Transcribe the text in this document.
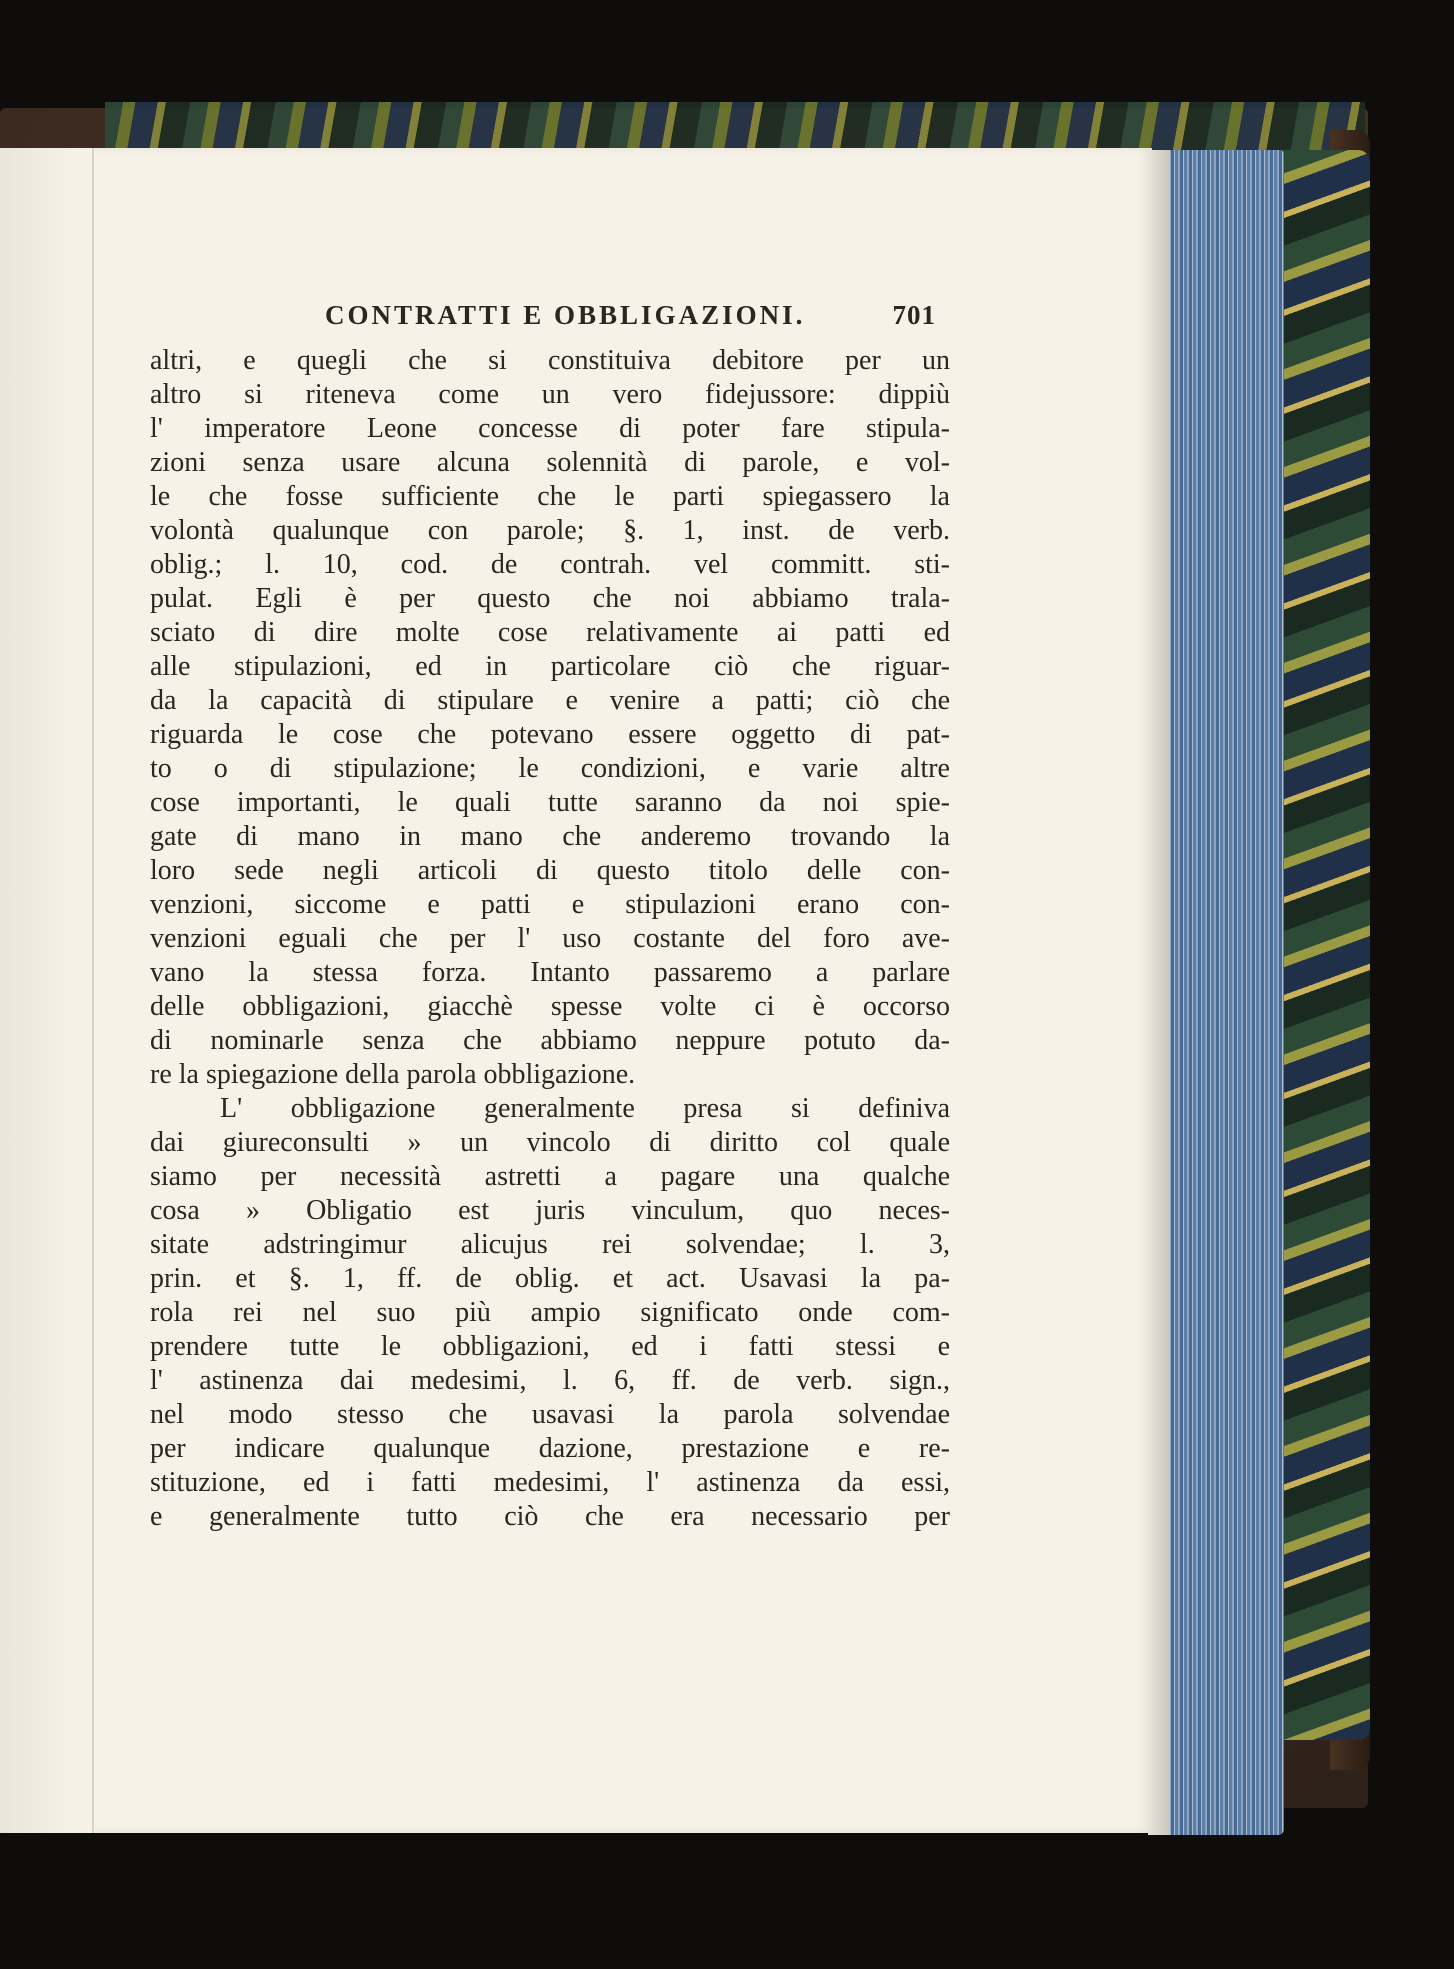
CONTRATTI E OBBLIGAZIONI.	701
altri, e quegli che si constituiva debitore per un
altro si riteneva come un vero fidejussore: dippiù
l' imperatore Leone concesse di poter fare stipula-
zioni senza usare alcuna solennità di parole, e vol-
le che fosse sufficiente che le parti spiegassero la
volontà qualunque con parole; §. 1, inst. de verb.
oblig.; l. 10, cod. de contrah. vel committ. sti-
pulat. Egli è per questo che noi abbiamo trala-
sciato di dire molte cose relativamente ai patti ed
alle stipulazioni, ed in particolare ciò che riguar-
da la capacità di stipulare e venire a patti; ciò che
riguarda le cose che potevano essere oggetto di pat-
to o di stipulazione; le condizioni, e varie altre
cose importanti, le quali tutte saranno da noi spie-
gate di mano in mano che anderemo trovando la
loro sede negli articoli di questo titolo delle con-
venzioni, siccome e patti e stipulazioni erano con-
venzioni eguali che per l' uso costante del foro ave-
vano la stessa forza. Intanto passaremo a parlare
delle obbligazioni, giacchè spesse volte ci è occorso
di nominarle senza che abbiamo neppure potuto da-
re la spiegazione della parola obbligazione.
L' obbligazione generalmente presa si definiva
dai giureconsulti » un vincolo di diritto col quale
siamo per necessità astretti a pagare una qualche
cosa » Obligatio est juris vinculum, quo neces-
sitate adstringimur alicujus rei solvendae; l. 3,
prin. et §. 1, ff. de oblig. et act. Usavasi la pa-
rola rei nel suo più ampio significato onde com-
prendere tutte le obbligazioni, ed i fatti stessi e
l' astinenza dai medesimi, l. 6, ff. de verb. sign.,
nel modo stesso che usavasi la parola solvendae
per indicare qualunque dazione, prestazione e re-
stituzione, ed i fatti medesimi, l' astinenza da essi,
e generalmente tutto ciò che era necessario per
